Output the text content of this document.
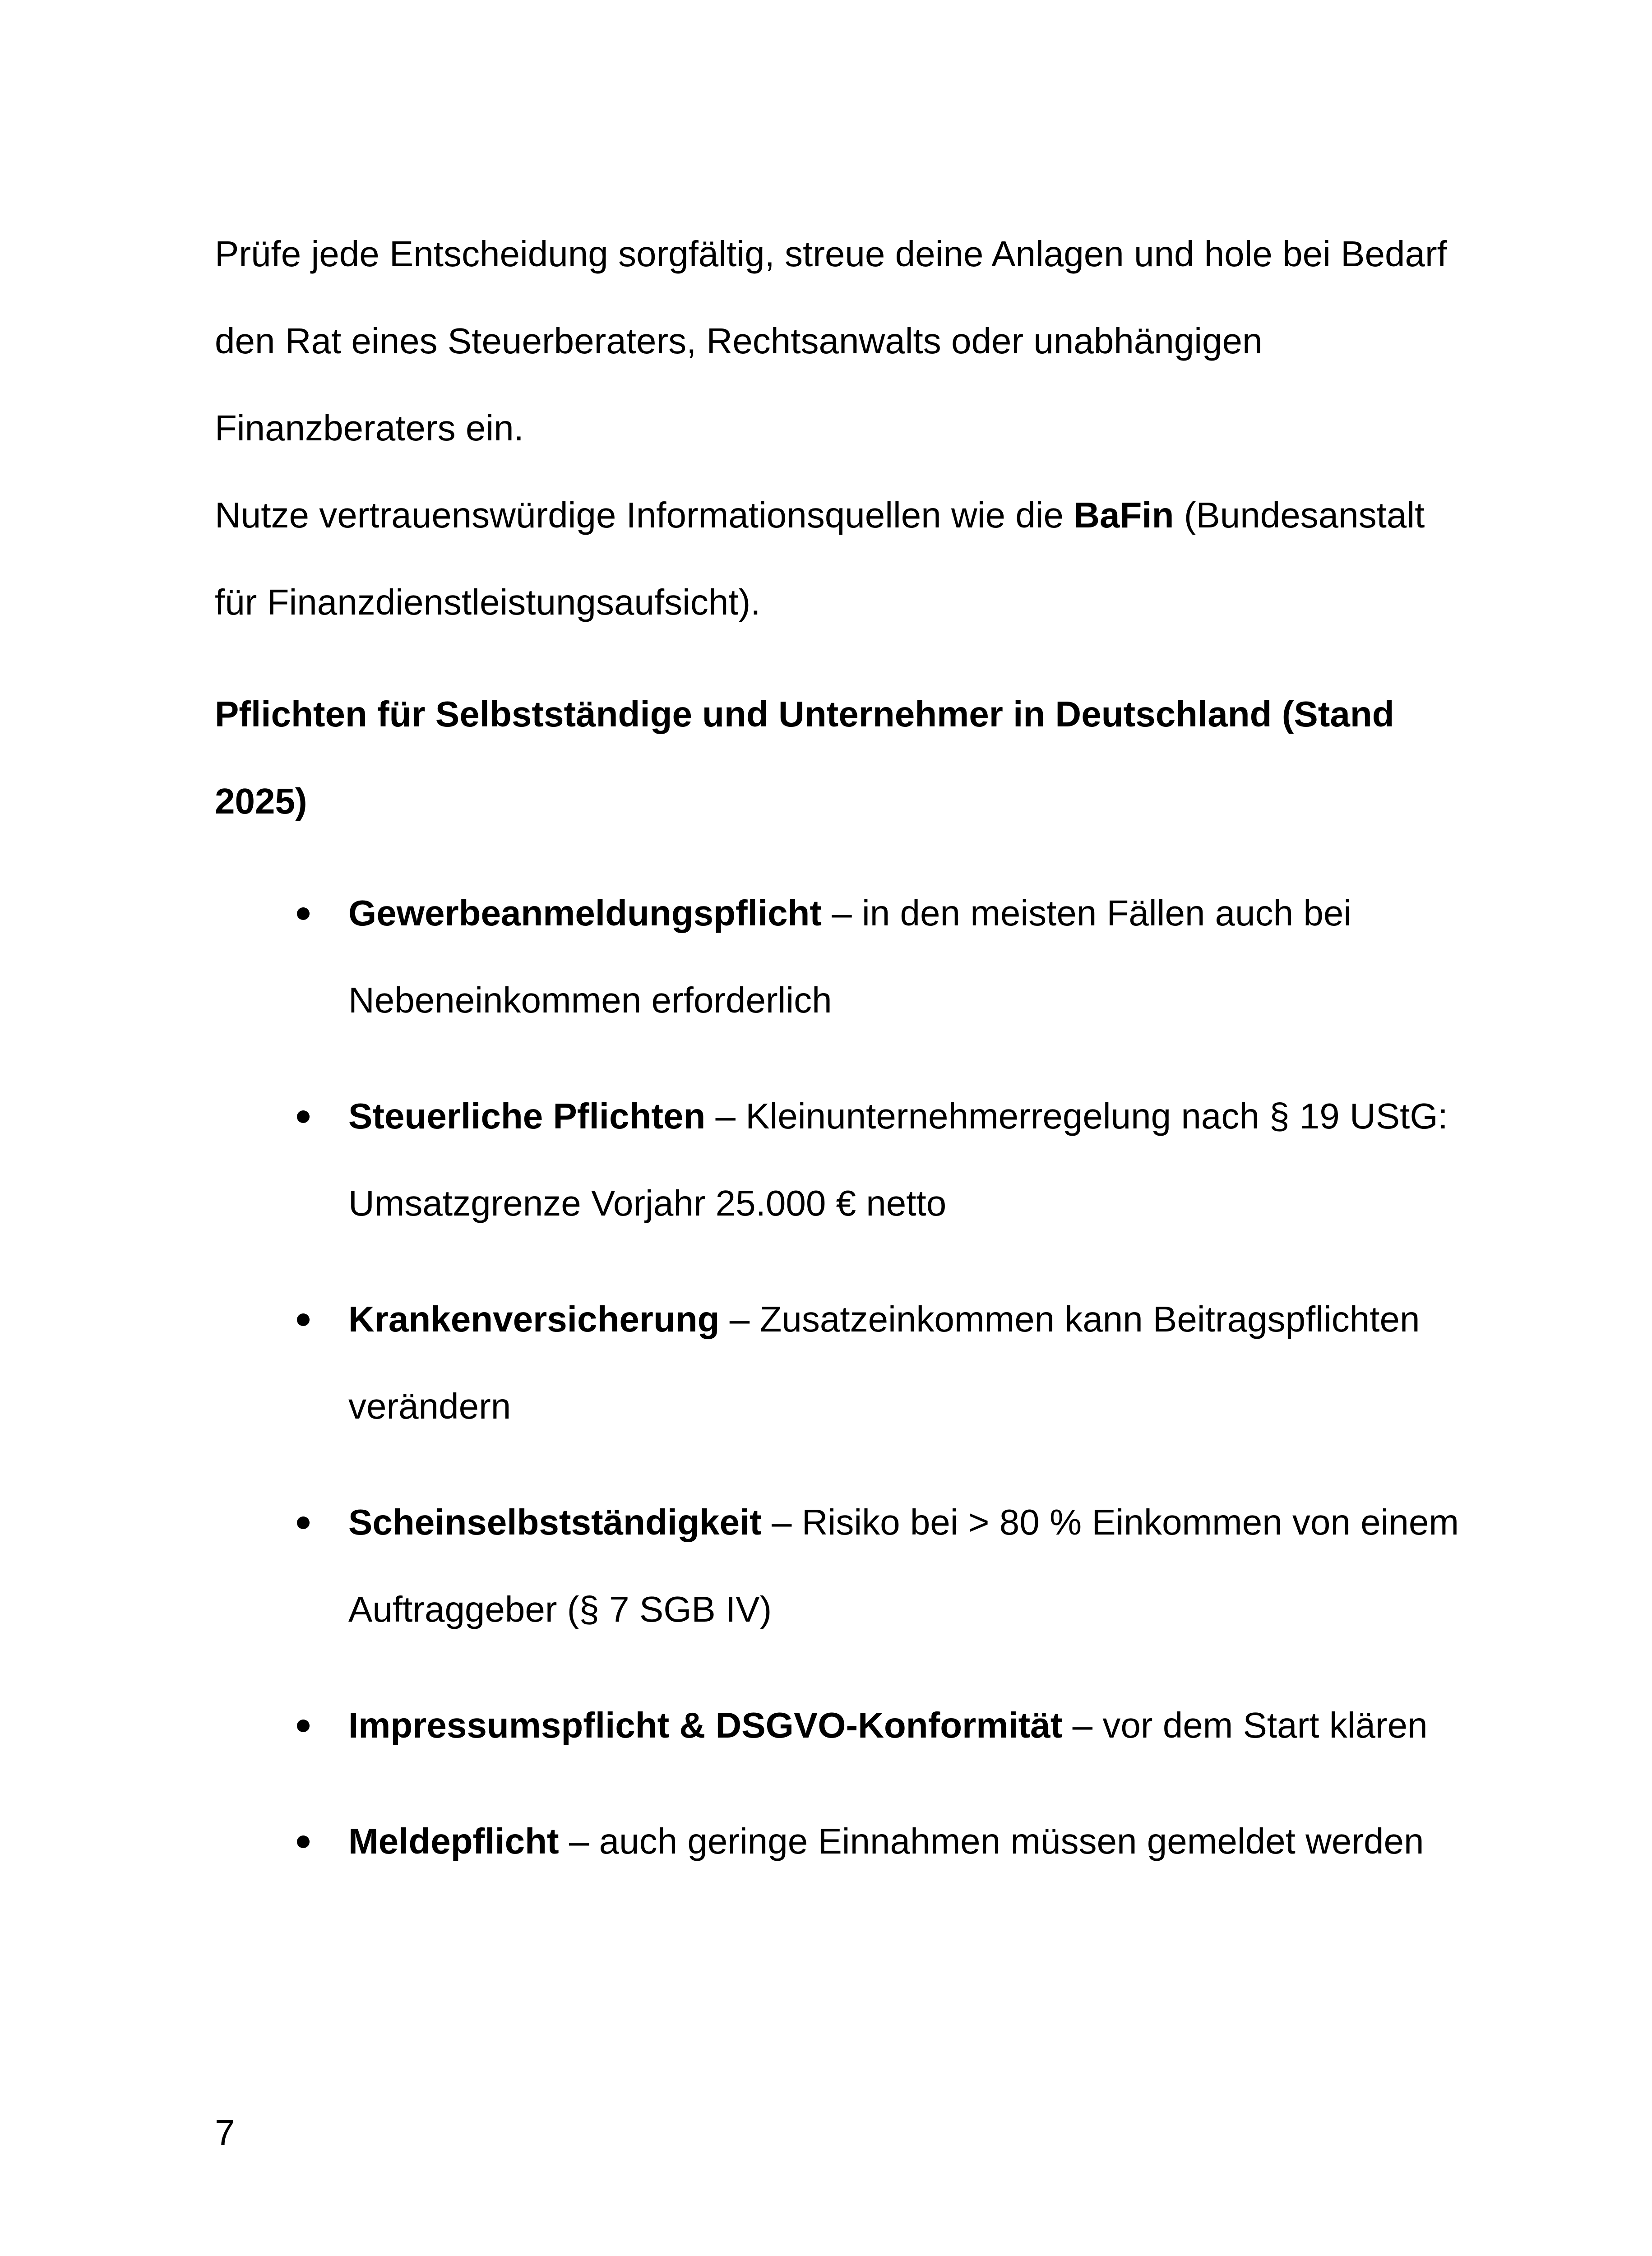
Prüfe jede Entscheidung sorgfältig, streue deine Anlagen und hole bei Bedarf den Rat eines Steuerberaters, Rechtsanwalts oder unabhängigen Finanzberaters ein.

Nutze vertrauenswürdige Informationsquellen wie die BaFin (Bundesanstalt für Finanzdienstleistungsaufsicht).

Pflichten für Selbstständige und Unternehmer in Deutschland (Stand 2025)
Gewerbeanmeldungspflicht – in den meisten Fällen auch bei Nebeneinkommen erforderlich
Steuerliche Pflichten – Kleinunternehmerregelung nach § 19 UStG: Umsatzgrenze Vorjahr 25.000 € netto
Krankenversicherung – Zusatzeinkommen kann Beitragspflichten verändern
Scheinselbstständigkeit – Risiko bei > 80 % Einkommen von einem Auftraggeber (§ 7 SGB IV)
Impressumspflicht & DSGVO-Konformität – vor dem Start klären
Meldepflicht – auch geringe Einnahmen müssen gemeldet werden
7
